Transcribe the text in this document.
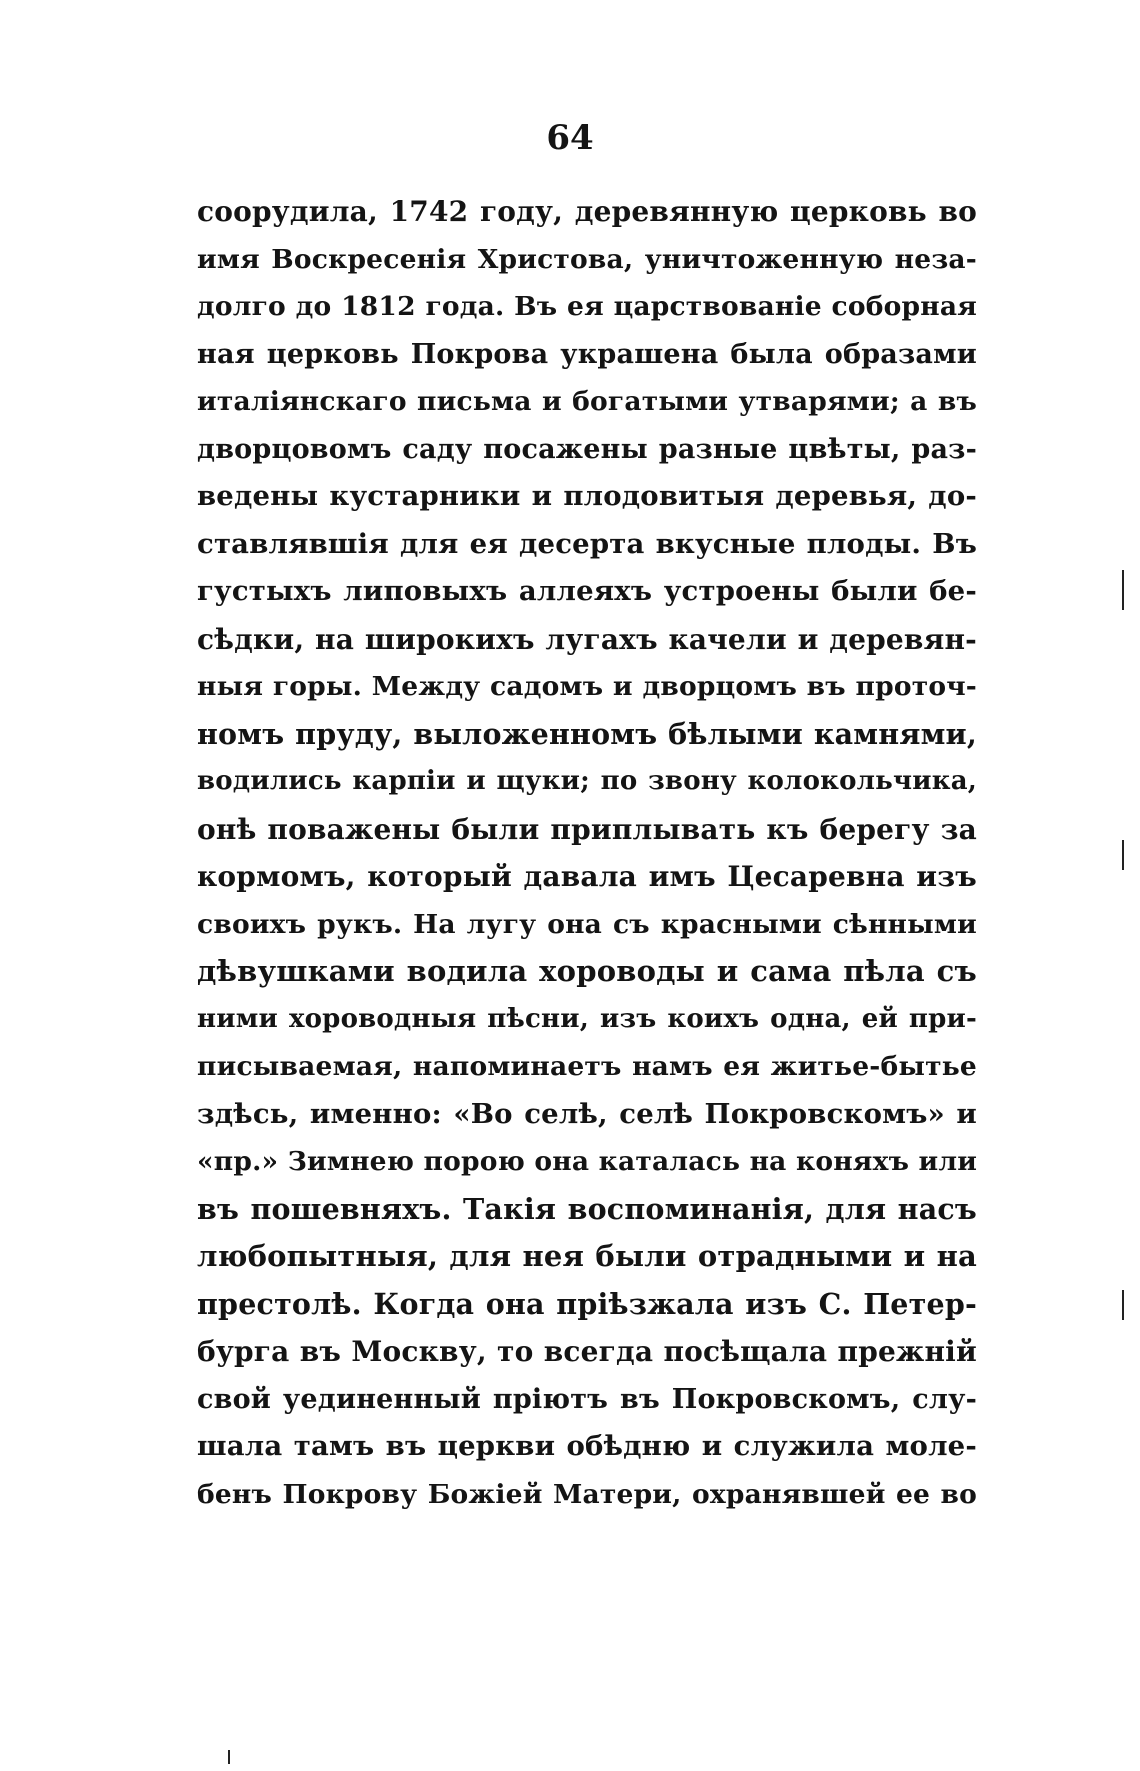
64
соорудила, 1742 году, деревянную церковь во
имя Воскресенія Христова, уничтоженную неза-
долго до 1812 года. Въ ея царствованіе соборная
ная церковь Покрова украшена была образами
италіянскаго письма и богатыми утварями; а въ
дворцовомъ саду посажены разные цвѣты, раз-
ведены кустарники и плодовитыя деревья, до-
ставлявшія для ея десерта вкусные плоды. Въ
густыхъ липовыхъ аллеяхъ устроены были бе-
сѣдки, на широкихъ лугахъ качели и деревян-
ныя горы. Между садомъ и дворцомъ въ проточ-
номъ пруду, выложенномъ бѣлыми камнями,
водились карпіи и щуки; по звону колокольчика,
онѣ поважены были приплывать къ берегу за
кормомъ, который давала имъ Цесаревна изъ
своихъ рукъ. На лугу она съ красными сѣнными
дѣвушками водила хороводы и сама пѣла съ
ними хороводныя пѣсни, изъ коихъ одна, ей при-
писываемая, напоминаетъ намъ ея житье-бытье
здѣсь, именно: «Во селѣ, селѣ Покровскомъ» и
«пр.» Зимнею порою она каталась на коняхъ или
въ пошевняхъ. Такія воспоминанія, для насъ
любопытныя, для нея были отрадными и на
престолѣ. Когда она пріѣзжала изъ С. Петер-
бурга въ Москву, то всегда посѣщала прежній
свой уединенный пріютъ въ Покровскомъ, слу-
шала тамъ въ церкви обѣдню и служила моле-
бенъ Покрову Божіей Матери, охранявшей ее во
